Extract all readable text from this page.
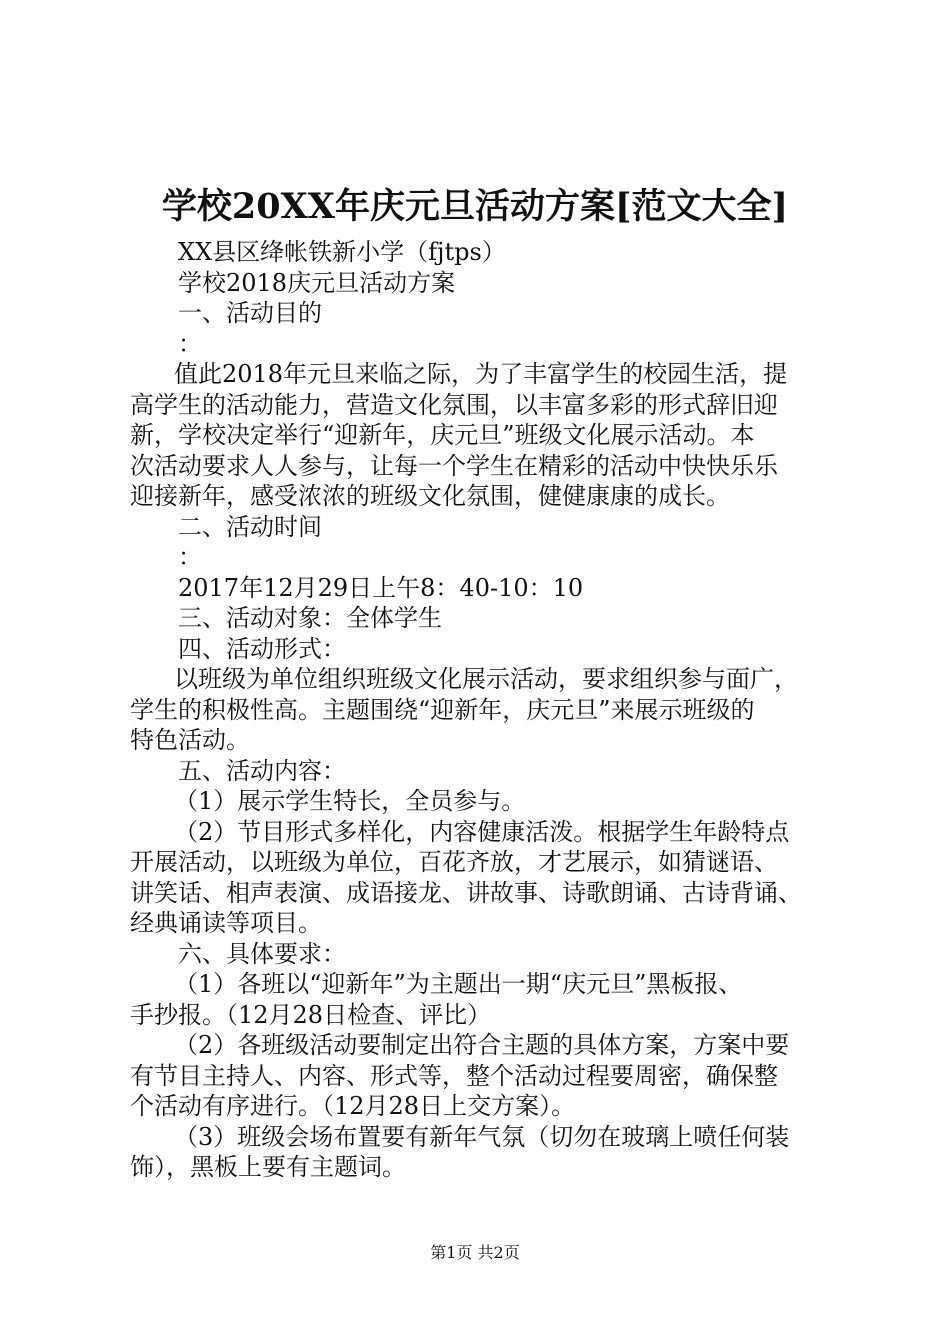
学校20XX年庆元旦活动方案[范文大全]
XX县区绛帐铁新小学（fjtps）
学校2018庆元旦活动方案
一、活动目的
：
值此2018年元旦来临之际，为了丰富学生的校园生活，提
高学生的活动能力，营造文化氛围，以丰富多彩的形式辞旧迎
新，学校决定举行“迎新年，庆元旦”班级文化展示活动。本
次活动要求人人参与，让每一个学生在精彩的活动中快快乐乐
迎接新年，感受浓浓的班级文化氛围，健健康康的成长。
二、活动时间
：
2017年12月29日上午8：40-10：10
三、活动对象：全体学生
四、活动形式：
以班级为单位组织班级文化展示活动，要求组织参与面广，
学生的积极性高。主题围绕“迎新年，庆元旦”来展示班级的
特色活动。
五、活动内容：
（1）展示学生特长，全员参与。
（2）节目形式多样化，内容健康活泼。根据学生年龄特点
开展活动，以班级为单位，百花齐放，才艺展示，如猜谜语、
讲笑话、相声表演、成语接龙、讲故事、诗歌朗诵、古诗背诵、
经典诵读等项目。
六、具体要求：
（1）各班以“迎新年”为主题出一期“庆元旦”黑板报、
手抄报。（12月28日检查、评比）
（2）各班级活动要制定出符合主题的具体方案，方案中要
有节目主持人、内容、形式等，整个活动过程要周密，确保整
个活动有序进行。（12月28日上交方案）。
（3）班级会场布置要有新年气氛（切勿在玻璃上喷任何装
饰），黑板上要有主题词。
第1页 共2页
